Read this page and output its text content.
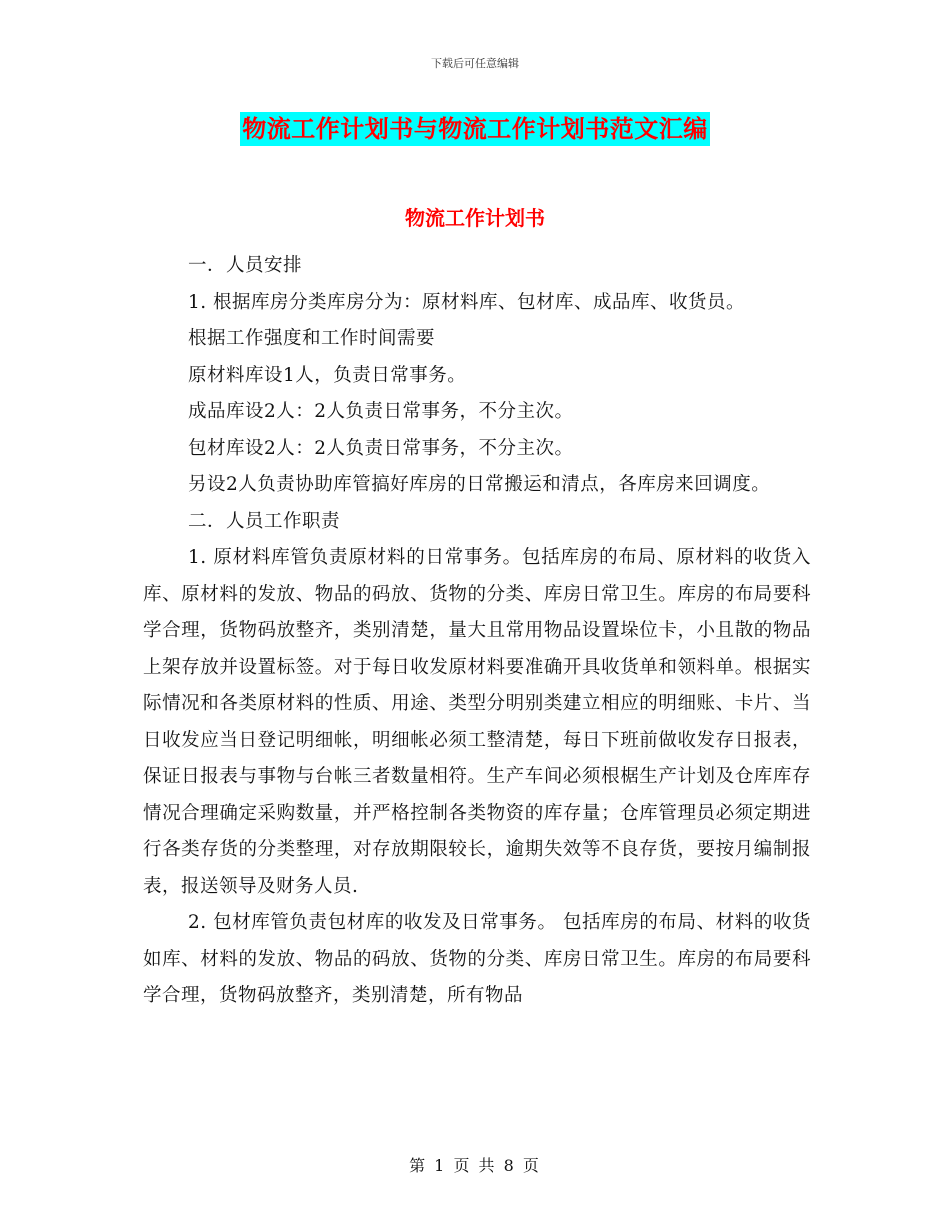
下载后可任意编辑
物流工作计划书与物流工作计划书范文汇编
物流工作计划书

一．人员安排

1. 根据库房分类库房分为：原材料库、包材库、成品库、收货员。

根据工作强度和工作时间需要

原材料库设1人，负责日常事务。

成品库设2人：2人负责日常事务，不分主次。

包材库设2人：2人负责日常事务，不分主次。

另设2人负责协助库管搞好库房的日常搬运和清点，各库房来回调度。

二．人员工作职责

1. 原材料库管负责原材料的日常事务。包括库房的布局、原材料的收货入库、原材料的发放、物品的码放、货物的分类、库房日常卫生。库房的布局要科学合理，货物码放整齐，类别清楚，量大且常用物品设置垛位卡，小且散的物品上架存放并设置标签。对于每日收发原材料要准确开具收货单和领料单。根据实际情况和各类原材料的性质、用途、类型分明别类建立相应的明细账、卡片、当日收发应当日登记明细帐，明细帐必须工整清楚，每日下班前做收发存日报表，保证日报表与事物与台帐三者数量相符。生产车间必须根椐生产计划及仓库库存情况合理确定采购数量，并严格控制各类物资的库存量；仓库管理员必须定期进行各类存货的分类整理，对存放期限较长，逾期失效等不良存货，要按月编制报表，报送领导及财务人员.

2. 包材库管负责包材库的收发及日常事务。 包括库房的布局、材料的收货如库、材料的发放、物品的码放、货物的分类、库房日常卫生。库房的布局要科学合理，货物码放整齐，类别清楚，所有物品

第 1 页 共 8 页
